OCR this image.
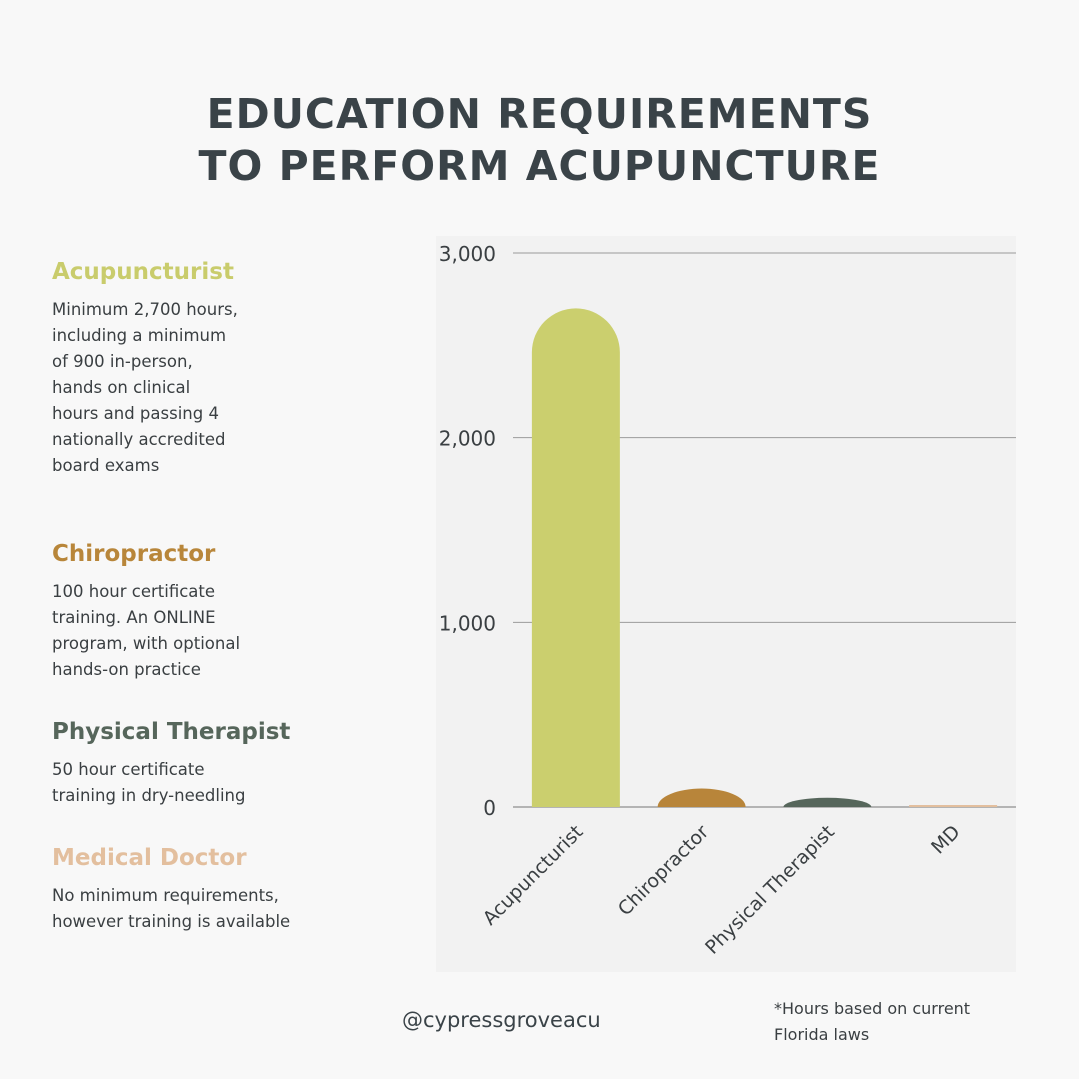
EDUCATION REQUIREMENTS
TO PERFORM ACUPUNCTURE
Acupuncturist
Minimum 2,700 hours,
including a minimum
of 900 in-person,
hands on clinical
hours and passing 4
nationally accredited
board exams
Chiropractor
100 hour certificate
training. An ONLINE
program, with optional
hands-on practice
Physical Therapist
50 hour certificate
training in dry-needling
Medical Doctor
No minimum requirements,
however training is available
0
1,000
2,000
3,000
Acupuncturist Chiropractor
Physical Therapist	MD
@cypressgroveacu	*Hours based on current
Florida laws
